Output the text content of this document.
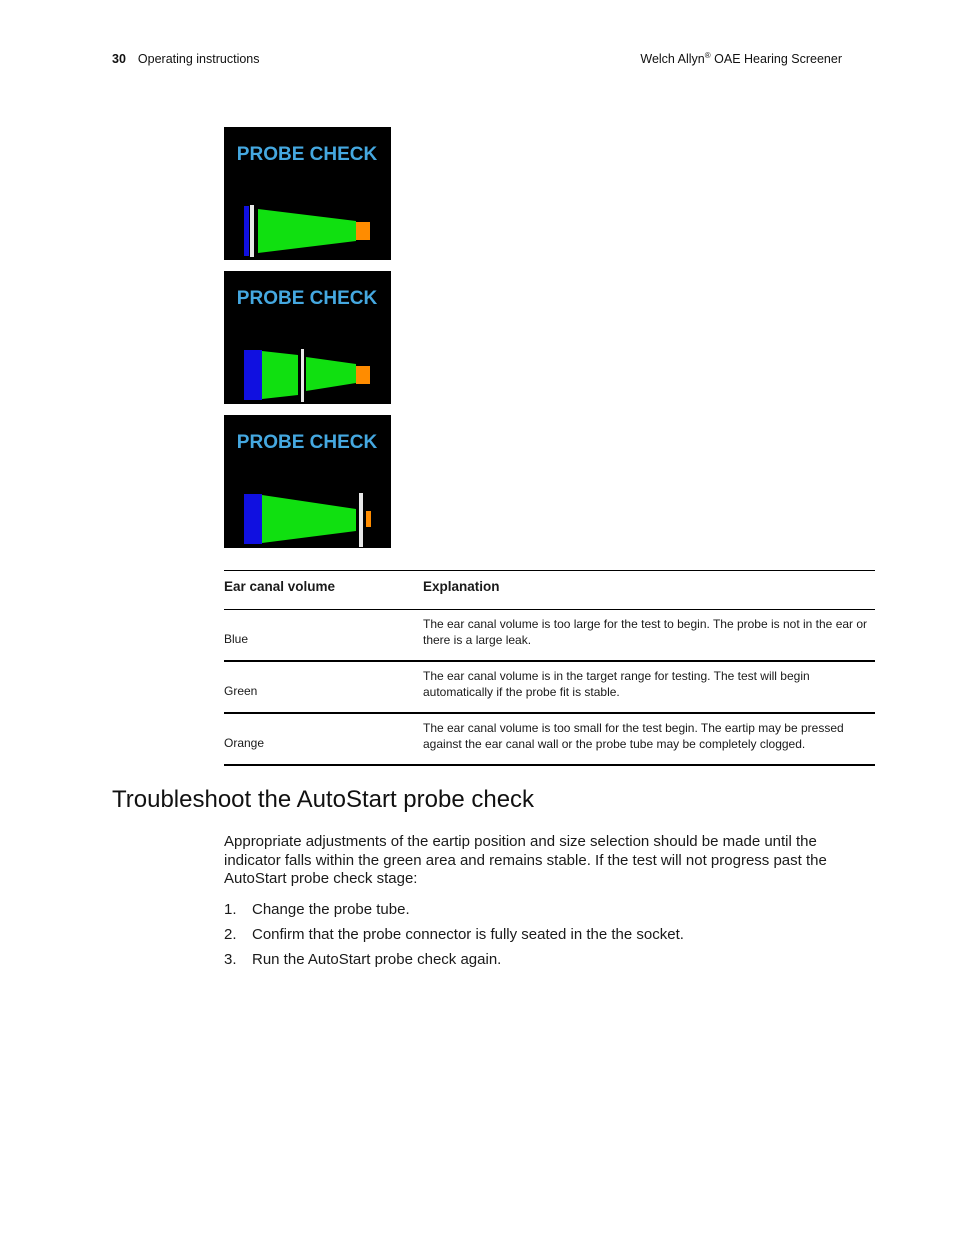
30 Operating instructions	Welch Allyn® OAE Hearing Screener
PROBE CHECK
PROBE CHECK
PROBE CHECK
Ear canal volume	Explanation
Blue
The ear canal volume is too large for the test to begin. The probe is not in the ear or there is a large leak.
Green
The ear canal volume is in the target range for testing. The test will begin automatically if the probe fit is stable.
Orange
The ear canal volume is too small for the test begin. The eartip may be pressed against the ear canal wall or the probe tube may be completely clogged.
Troubleshoot the AutoStart probe check
Appropriate adjustments of the eartip position and size selection should be made until the indicator falls within the green area and remains stable. If the test will not progress past the AutoStart probe check stage:
1.	Change the probe tube.
2.	Confirm that the probe connector is fully seated in the the socket.
3.	Run the AutoStart probe check again.
